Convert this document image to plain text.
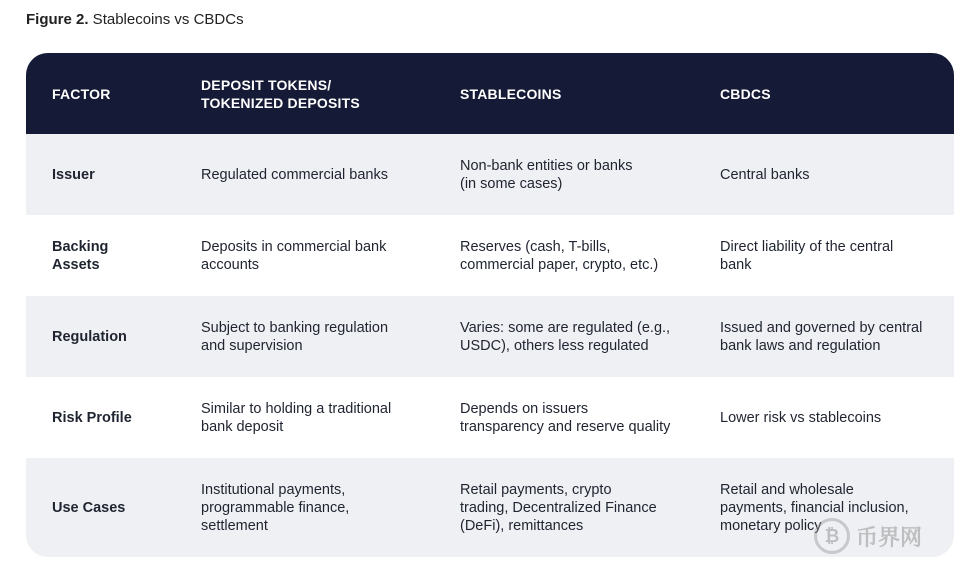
Figure 2. Stablecoins vs CBDCs
FACTOR
DEPOSIT TOKENS/
TOKENIZED DEPOSITS
STABLECOINS	CBDCS
Issuer	Regulated commercial banks
Non-bank entities or banks
(in some cases)
Central banks
Backing
Assets
Deposits in commercial bank
accounts
Reserves (cash, T-bills,
commercial paper, crypto, etc.)
Direct liability of the central
bank
Regulation
Subject to banking regulation
and supervision
Varies: some are regulated (e.g.,
USDC), others less regulated
Issued and governed by central
bank laws and regulation
Risk Profile
Similar to holding a traditional
bank deposit
Depends on issuers
transparency and reserve quality
Lower risk vs stablecoins
Use Cases
Institutional payments,
programmable finance,
settlement
Retail payments, crypto
trading, Decentralized Finance
(DeFi), remittances
Retail and wholesale
payments, financial inclusion,
monetary policy ₿ 币界网
